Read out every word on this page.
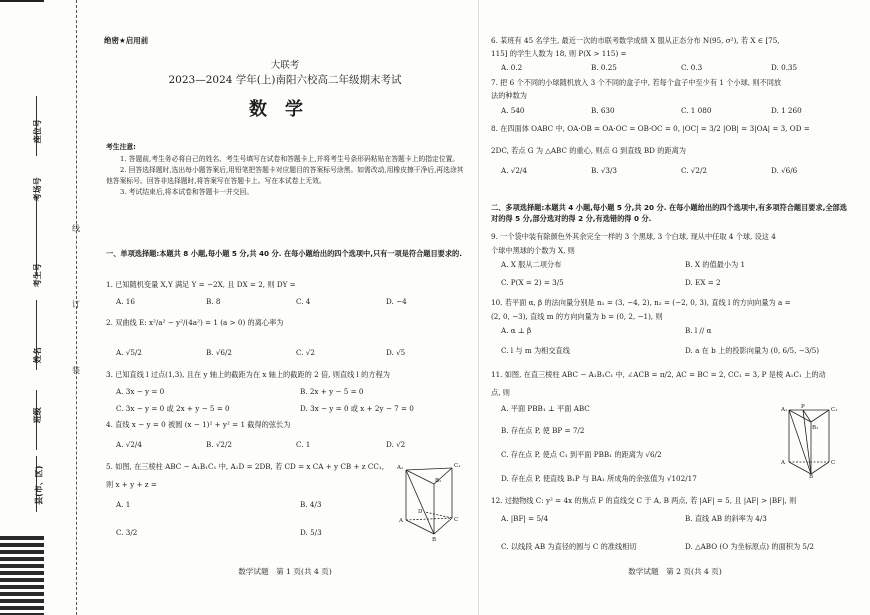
座位号
考场号
考生号
姓名
班级
县(市、区)
线
订
装
绝密★启用前
大联考
2023—2024 学年(上)南阳六校高二年级期末考试
数学
考生注意:

1. 答题前,考生务必将自己的姓名、考生号填写在试卷和答题卡上,并将考生号条形码粘贴在答题卡上的指定位置。

2. 回答选择题时,选出每小题答案后,用铅笔把答题卡对应题目的答案标号涂黑。如需改动,用橡皮擦干净后,再选涂其他答案标号。回答非选择题时,将答案写在答题卡上。写在本试卷上无效。

3. 考试结束后,将本试卷和答题卡一并交回。

一、单项选择题:本题共 8 小题,每小题 5 分,共 40 分. 在每小题给出的四个选项中,只有一项是符合题目要求的.
1. 已知随机变量 X,Y 满足 Y = −2X, 且 DX = 2, 则 DY =
A. 16	B. 8	C. 4	D. −4
2. 双曲线 E: x²/a² − y²/(4a²) = 1 (a > 0) 的离心率为
A. √5/2	B. √6/2	C. √2	D. √5
3. 已知直线 l 过点(1,3), 且在 y 轴上的截距为在 x 轴上的截距的 2 倍, 则直线 l 的方程为
A. 3x − y = 0	B. 2x + y − 5 = 0
C. 3x − y = 0 或 2x + y − 5 = 0	D. 3x − y = 0 或 x + 2y − 7 = 0
4. 直线 x − y = 0 被圆 (x − 1)² + y² = 1 截得的弦长为
A. √2/4	B. √2/2	C. 1	D. √2
5. 如图, 在三棱柱 ABC − A₁B₁C₁ 中, A₁D = 2DB, 若 CD = x CA + y CB + z CC₁,
则 x + y + z =
A. 1	B. 4/3
C. 3/2	D. 5/3
A₁	C₁
B₁
D
A	C
B
数学试题　第 1 页(共 4 页)
6. 某班有 45 名学生, 最近一次的市联考数学成绩 X 服从正态分布 N(95, σ²), 若 X ∈ [75,
115] 的学生人数为 18, 则 P(X > 115) =
A. 0.2	B. 0.25	C. 0.3	D. 0.35
7. 把 6 个不同的小球随机放入 3 个不同的盒子中, 若每个盒子中至少有 1 个小球, 则不同放
法的种数为
A. 540	B. 630	C. 1 080	D. 1 260
8. 在四面体 OABC 中, OA·OB = OA·OC = OB·OC = 0, |OC| = 3/2 |OB| = 3|OA| = 3, OD =
2DC, 若点 G 为 △ABC 的重心, 则点 G 到直线 BD 的距离为
A. √2/4	B. √3/3	C. √2/2	D. √6/6
二、多项选择题:本题共 4 小题,每小题 5 分,共 20 分. 在每小题给出的四个选项中,有多项符合题目要求,全部选对的得 5 分,部分选对的得 2 分,有选错的得 0 分.
9. 一个袋中装有除颜色外其余完全一样的 3 个黑球, 3 个白球, 现从中任取 4 个球, 设这 4
个球中黑球的个数为 X, 则
A. X 服从二项分布	B. X 的值最小为 1
C. P(X = 2) = 3/5	D. EX = 2
10. 若平面 α, β 的法向量分别是 n₁ = (3, −4, 2), n₂ = (−2, 0, 3), 直线 l 的方向向量为 a =
(2, 0, −3), 直线 m 的方向向量为 b = (0, 2, −1), 则
A. α ⊥ β	B. l // α
C. l 与 m 为相交直线	D. a 在 b 上的投影向量为 (0, 6/5, −3/5)
11. 如图, 在直三棱柱 ABC − A₁B₁C₁ 中, ∠ACB = π/2, AC = BC = 2, CC₁ = 3, P 是棱 A₁C₁ 上的动
点, 则
A. 平面 PBB₁ ⊥ 平面 ABC
B. 存在点 P, 使 BP = 7/2
C. 存在点 P, 使点 C₁ 到平面 PBB₁ 的距离为 √6/2
D. 存在点 P, 使直线 B₁P 与 BA₁ 所成角的余弦值为 √102/17
A₁	P	C₁
B₁
A	C
B
12. 过抛物线 C: y² = 4x 的焦点 F 的直线交 C 于 A, B 两点, 若 |AF| = 5, 且 |AF| > |BF|, 则
A. |BF| = 5/4	B. 直线 AB 的斜率为 4/3
C. 以线段 AB 为直径的圆与 C 的准线相切	D. △ABO (O 为坐标原点) 的面积为 5/2
数学试题　第 2 页(共 4 页)
